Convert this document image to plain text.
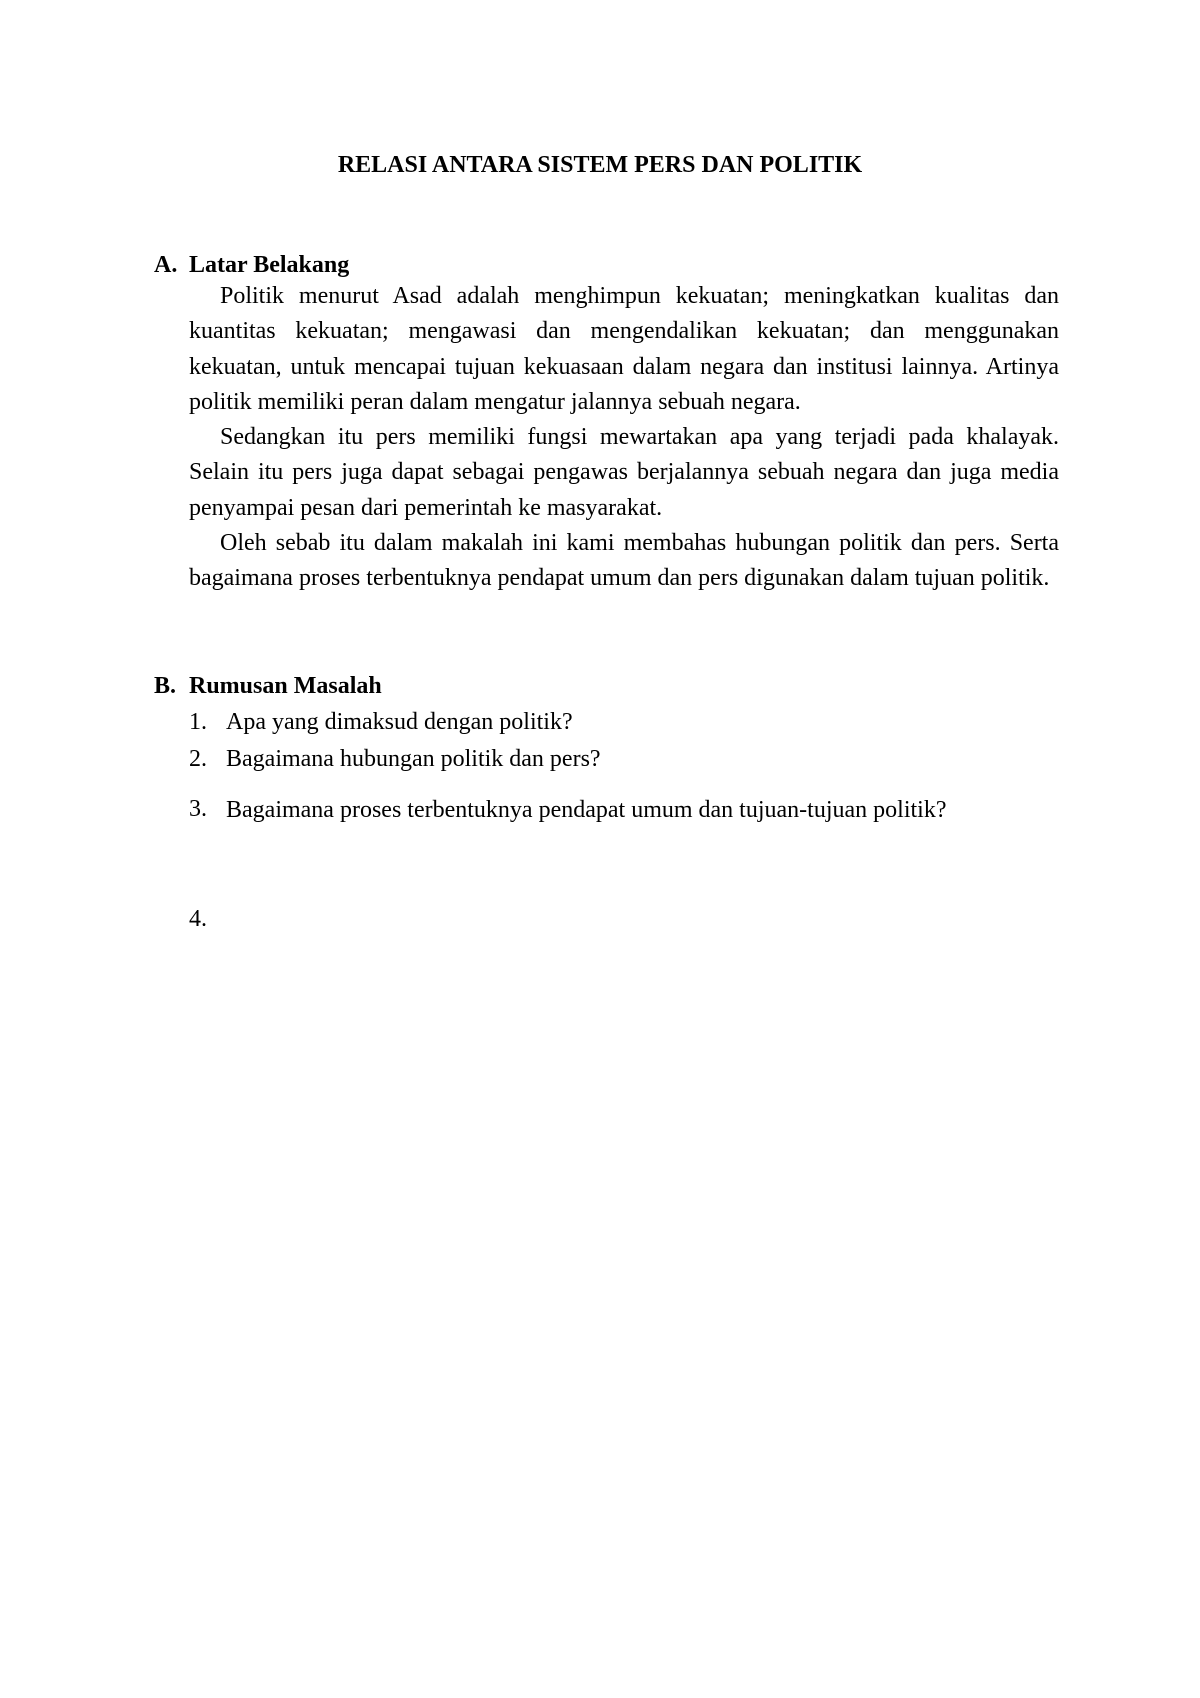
RELASI ANTARA SISTEM PERS DAN POLITIK
A. Latar Belakang

Politik menurut Asad adalah menghimpun kekuatan; meningkatkan kualitas dan kuantitas kekuatan; mengawasi dan mengendalikan kekuatan; dan menggunakan kekuatan, untuk mencapai tujuan kekuasaan dalam negara dan institusi lainnya. Artinya politik memiliki peran dalam mengatur jalannya sebuah negara.

Sedangkan itu pers memiliki fungsi mewartakan apa yang terjadi pada khalayak. Selain itu pers juga dapat sebagai pengawas berjalannya sebuah negara dan juga media penyampai pesan dari pemerintah ke masyarakat.

Oleh sebab itu dalam makalah ini kami membahas hubungan politik dan pers. Serta bagaimana proses terbentuknya pendapat umum dan pers digunakan dalam tujuan politik.

B. Rumusan Masalah
1. Apa yang dimaksud dengan politik?
2. Bagaimana hubungan politik dan pers?
3. Bagaimana proses terbentuknya pendapat umum dan tujuan-tujuan politik?
4.
